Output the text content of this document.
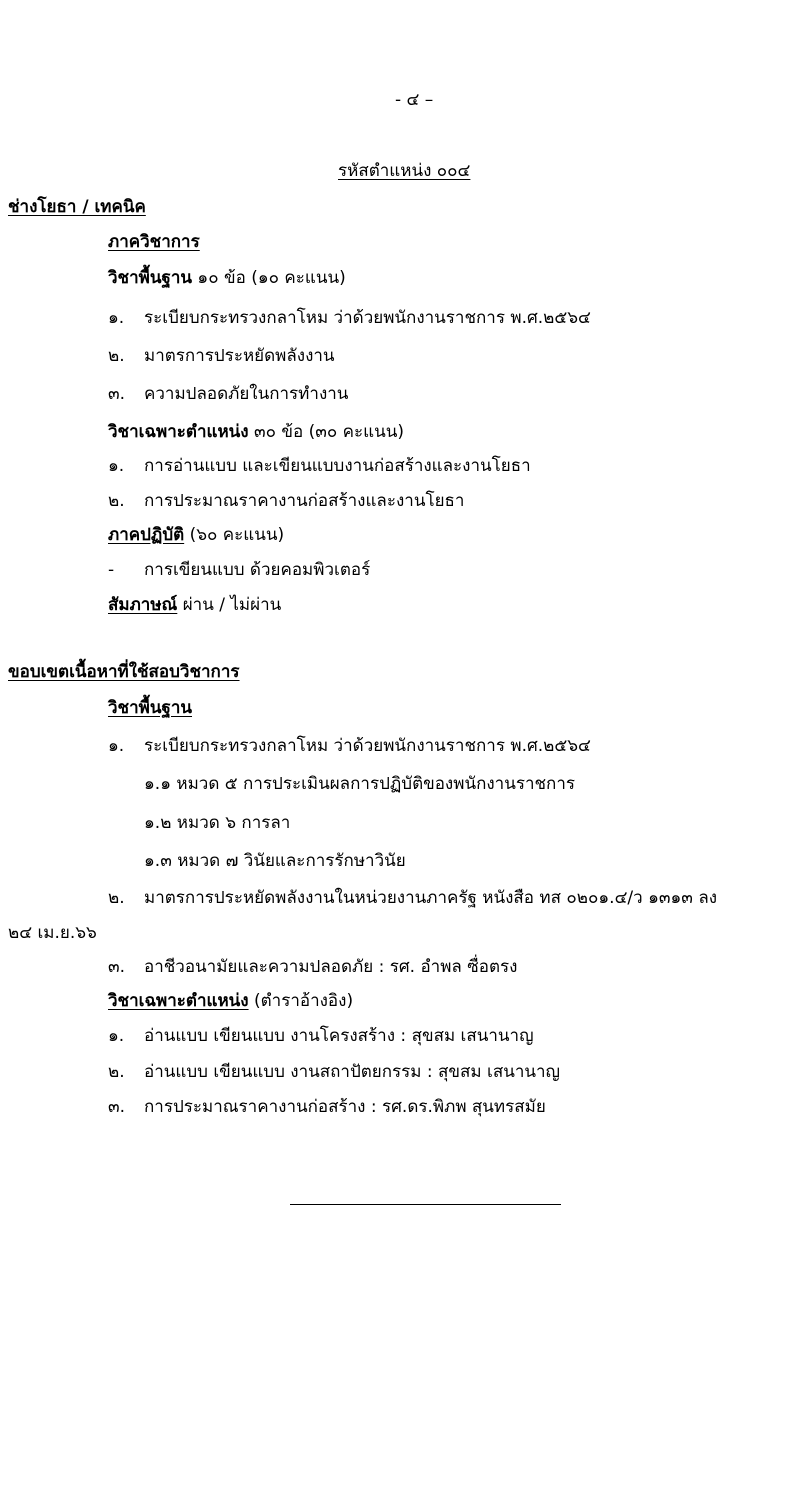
- ๔ –
รหัสตำแหน่ง ๐๐๔
ช่างโยธา / เทคนิค
ภาควิชาการ
วิชาพื้นฐาน ๑๐ ข้อ (๑๐ คะแนน)
๑. ระเบียบกระทรวงกลาโหม ว่าด้วยพนักงานราชการ พ.ศ.๒๕๖๔
๒. มาตรการประหยัดพลังงาน
๓. ความปลอดภัยในการทำงาน
วิชาเฉพาะตำแหน่ง ๓๐ ข้อ (๓๐ คะแนน)
๑. การอ่านแบบ และเขียนแบบงานก่อสร้างและงานโยธา
๒. การประมาณราคางานก่อสร้างและงานโยธา
ภาคปฏิบัติ (๖๐ คะแนน)
- การเขียนแบบ ด้วยคอมพิวเตอร์
สัมภาษณ์ ผ่าน / ไม่ผ่าน
ขอบเขตเนื้อหาที่ใช้สอบวิชาการ
วิชาพื้นฐาน
๑. ระเบียบกระทรวงกลาโหม ว่าด้วยพนักงานราชการ พ.ศ.๒๕๖๔
๑.๑ หมวด ๕ การประเมินผลการปฏิบัติของพนักงานราชการ
๑.๒ หมวด ๖ การลา
๑.๓ หมวด ๗ วินัยและการรักษาวินัย
๒. มาตรการประหยัดพลังงานในหน่วยงานภาครัฐ หนังสือ ทส ๐๒๐๑.๔/ว ๑๓๑๓ ลง
๒๔ เม.ย.๖๖
๓. อาชีวอนามัยและความปลอดภัย : รศ. อำพล ซื่อตรง
วิชาเฉพาะตำแหน่ง (ตำราอ้างอิง)
๑. อ่านแบบ เขียนแบบ งานโครงสร้าง : สุขสม เสนานาญ
๒. อ่านแบบ เขียนแบบ งานสถาปัตยกรรม : สุขสม เสนานาญ
๓. การประมาณราคางานก่อสร้าง : รศ.ดร.พิภพ สุนทรสมัย
